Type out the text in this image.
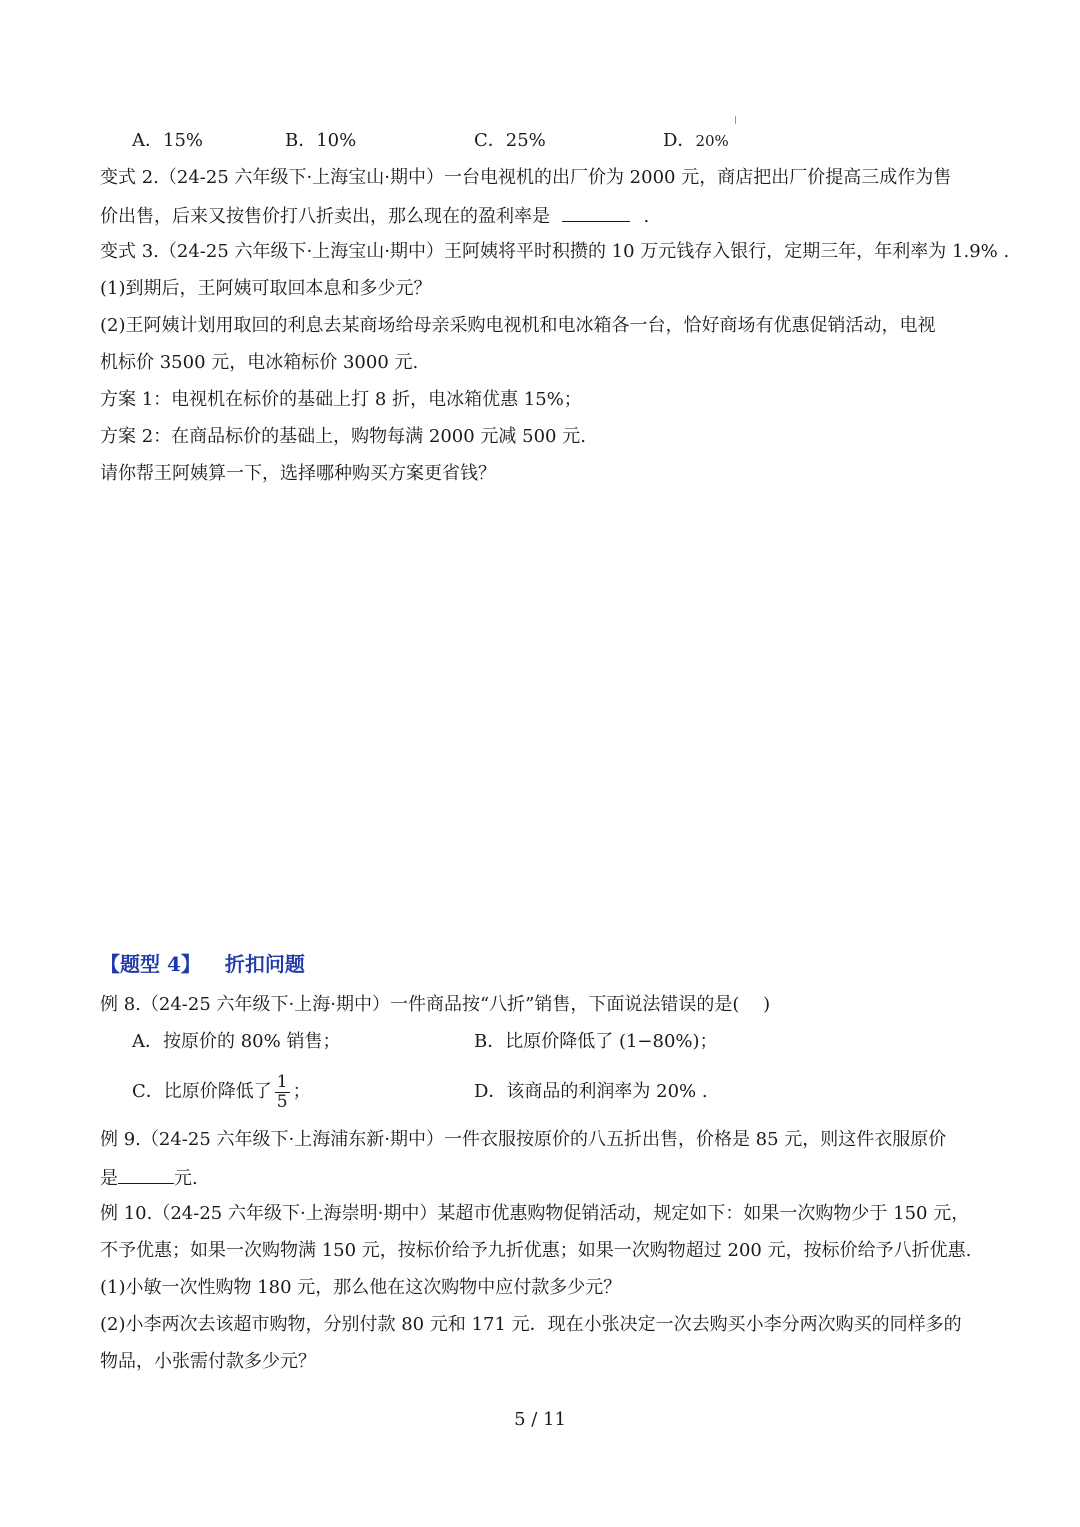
A．15%	B．10%	C．25%	D．20%
变式 2.（24-25 六年级下·上海宝山·期中）一台电视机的出厂价为 2000 元，商店把出厂价提高三成作为售
价出售，后来又按售价打八折卖出，那么现在的盈利率是	.
变式 3.（24-25 六年级下·上海宝山·期中）王阿姨将平时积攒的 10 万元钱存入银行，定期三年，年利率为 1.9% .
(1)到期后，王阿姨可取回本息和多少元？
(2)王阿姨计划用取回的利息去某商场给母亲采购电视机和电冰箱各一台，恰好商场有优惠促销活动，电视
机标价 3500 元，电冰箱标价 3000 元.
方案 1：电视机在标价的基础上打 8 折，电冰箱优惠 15%；
方案 2：在商品标价的基础上，购物每满 2000 元减 500 元.
请你帮王阿姨算一下，选择哪种购买方案更省钱？
【题型 4】 折扣问题
例 8.（24-25 六年级下·上海·期中）一件商品按“八折”销售，下面说法错误的是(　 )
A．按原价的 80% 销售；	B．比原价降低了 (1−80%)；
C．比原价降低了 $\frac{1}{5}$ ；	D．该商品的利润率为 20% .
例 9.（24-25 六年级下·上海浦东新·期中）一件衣服按原价的八五折出售，价格是 85 元，则这件衣服原价
是	元.
例 10.（24-25 六年级下·上海崇明·期中）某超市优惠购物促销活动，规定如下：如果一次购物少于 150 元，
不予优惠；如果一次购物满 150 元，按标价给予九折优惠；如果一次购物超过 200 元，按标价给予八折优惠.
(1)小敏一次性购物 180 元，那么他在这次购物中应付款多少元？
(2)小李两次去该超市购物，分别付款 80 元和 171 元．现在小张决定一次去购买小李分两次购买的同样多的
物品，小张需付款多少元？
5 / 11
